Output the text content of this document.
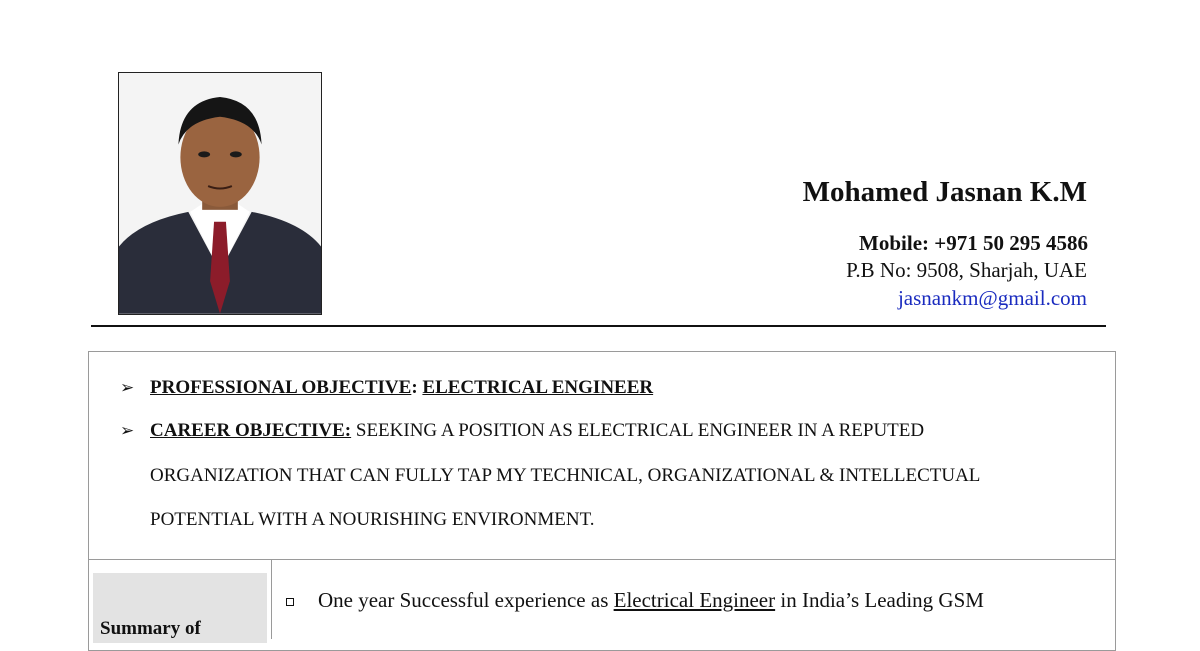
Mohamed Jasnan K.M
Mobile: +971 50 295 4586
P.B No: 9508, Sharjah, UAE
jasnankm@gmail.com
➢ PROFESSIONAL OBJECTIVE: ELECTRICAL ENGINEER
➢ CAREER OBJECTIVE: SEEKING A POSITION AS ELECTRICAL ENGINEER IN A REPUTED
ORGANIZATION THAT CAN FULLY TAP MY TECHNICAL, ORGANIZATIONAL & INTELLECTUAL
POTENTIAL WITH A NOURISHING ENVIRONMENT.
Summary of
One year Successful experience as Electrical Engineer in India’s Leading GSM
